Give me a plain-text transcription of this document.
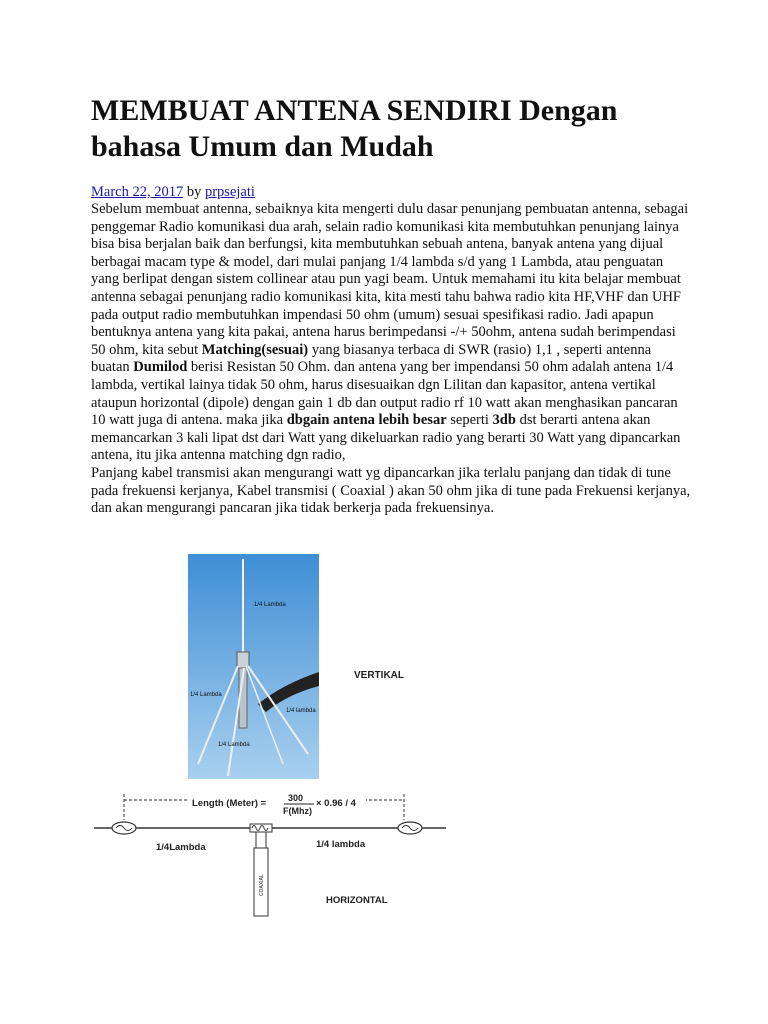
MEMBUAT ANTENA SENDIRI Dengan bahasa Umum dan Mudah
March 22, 2017 by prpsejati

Sebelum membuat antenna, sebaiknya kita mengerti dulu dasar penunjang pembuatan antenna, sebagai penggemar Radio komunikasi dua arah, selain radio komunikasi kita membutuhkan penunjang lainya bisa bisa berjalan baik dan berfungsi, kita membutuhkan sebuah antena, banyak antena yang dijual berbagai macam type & model, dari mulai panjang 1/4 lambda s/d yang 1 Lambda, atau penguatan yang berlipat dengan sistem collinear atau pun yagi beam. Untuk memahami itu kita belajar membuat antenna sebagai penunjang radio komunikasi kita, kita mesti tahu bahwa radio kita HF,VHF dan UHF pada output radio membutuhkan impendasi 50 ohm (umum) sesuai spesifikasi radio. Jadi apapun bentuknya antena yang kita pakai, antena harus berimpedansi -/+ 50ohm, antena sudah berimpendasi 50 ohm, kita sebut Matching(sesuai) yang biasanya terbaca di SWR (rasio) 1,1 , seperti antenna buatan Dumilod berisi Resistan 50 Ohm. dan antena yang ber impendansi 50 ohm adalah antena 1/4 lambda, vertikal lainya tidak 50 ohm, harus disesuaikan dgn Lilitan dan kapasitor, antena vertikal ataupun horizontal (dipole) dengan gain 1 db dan output radio rf 10 watt akan menghasikan pancaran 10 watt juga di antena. maka jika dbgain antena lebih besar seperti 3db dst berarti antena akan memancarkan 3 kali lipat dst dari Watt yang dikeluarkan radio yang berarti 30 Watt yang dipancarkan antena, itu jika antenna matching dgn radio,

Panjang kabel transmisi akan mengurangi watt yg dipancarkan jika terlalu panjang dan tidak di tune pada frekuensi kerjanya, Kabel transmisi ( Coaxial ) akan 50 ohm jika di tune pada Frekuensi kerjanya, dan akan mengurangi pancaran jika tidak berkerja pada frekuensinya.

1/4 Lambda
1/4 Lambda
1/4 lambda
1/4 Lambda
VERTIKAL
Length (Meter) = 300
F(Mhz)
× 0.96 / 4
COAXIAL
1/4Lambda	1/4 lambda
HORIZONTAL
